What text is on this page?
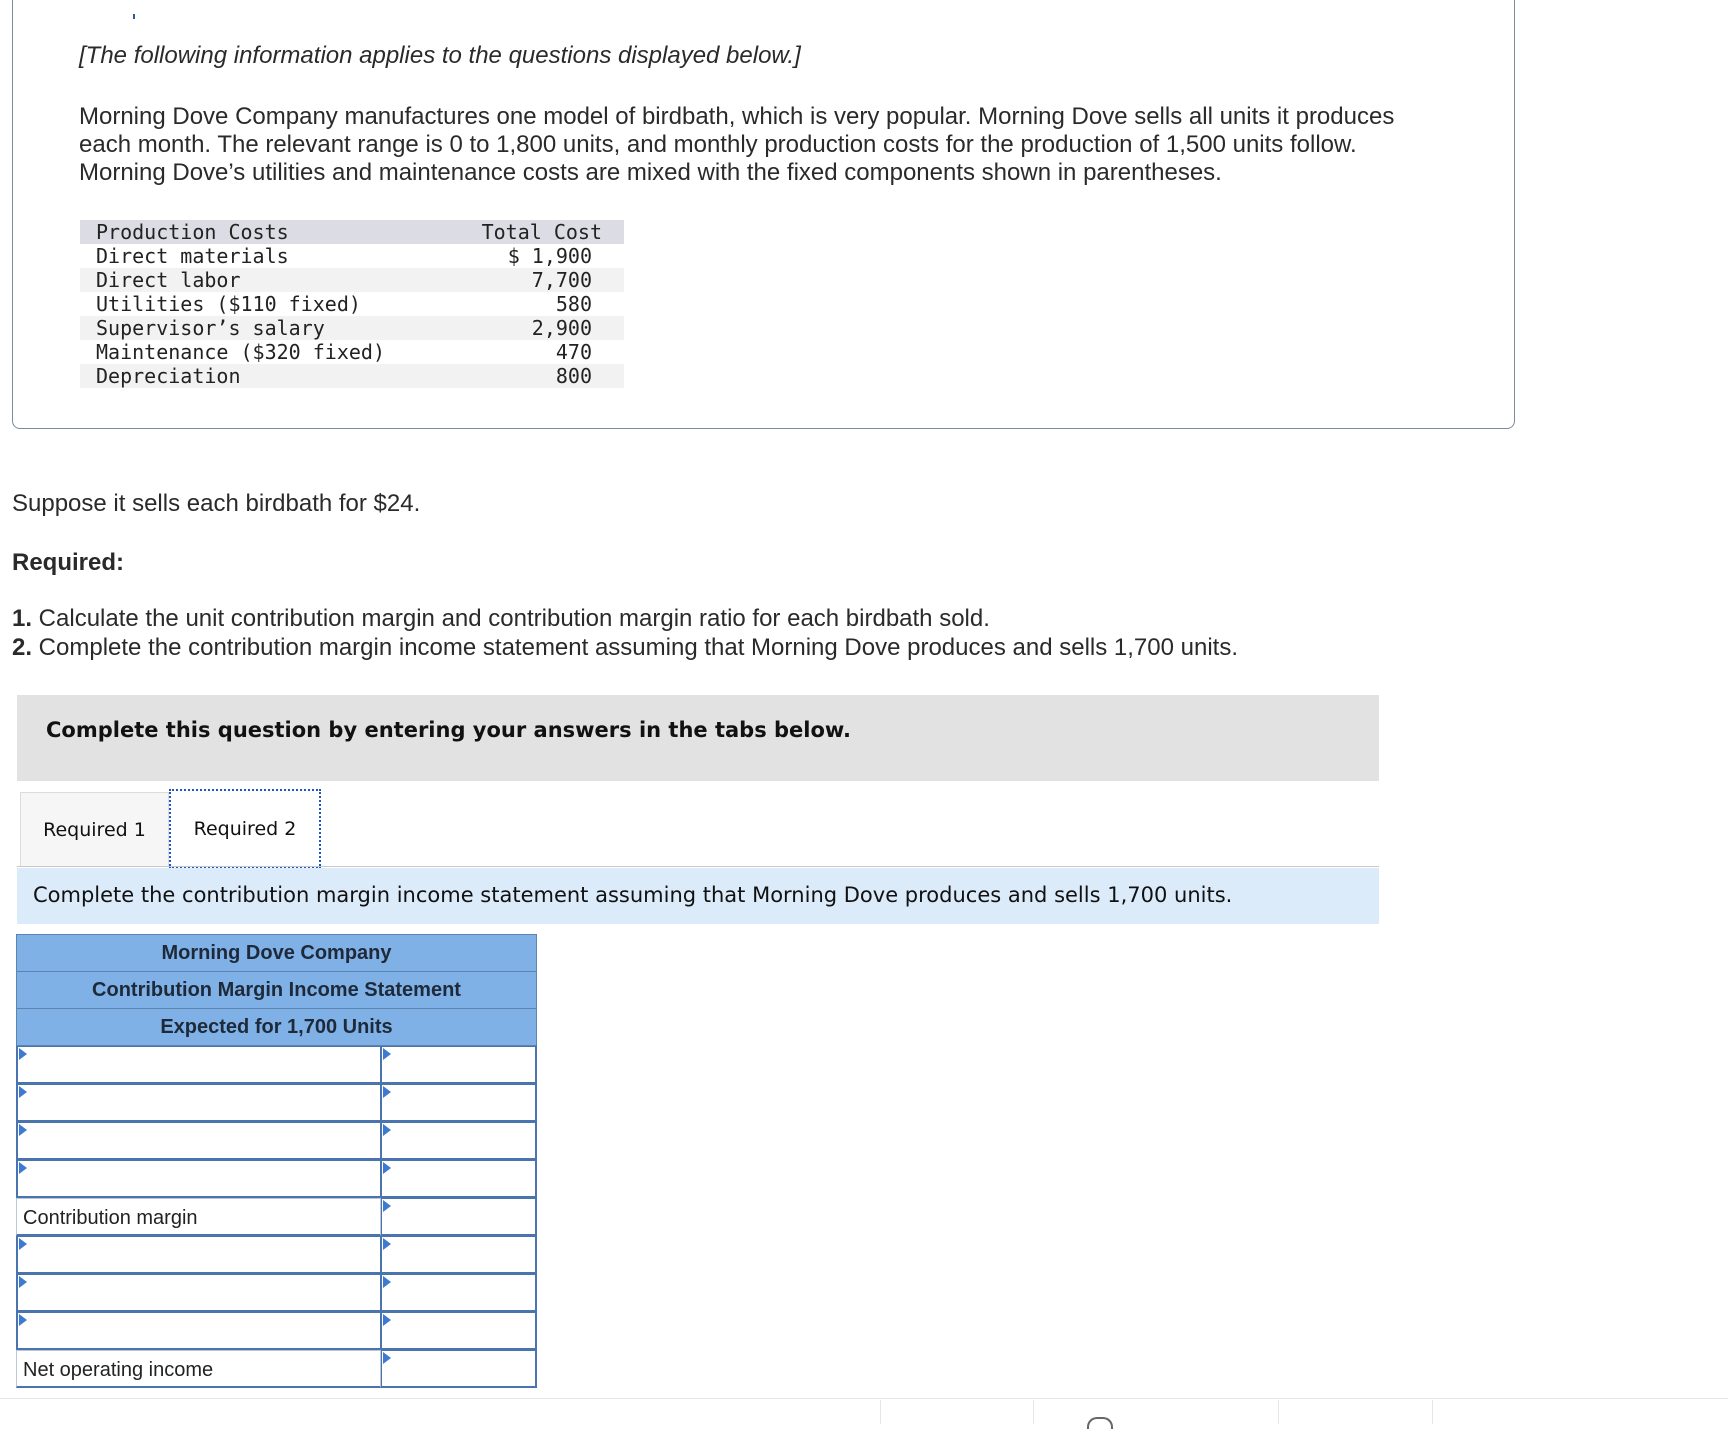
[The following information applies to the questions displayed below.]
Morning Dove Company manufactures one model of birdbath, which is very popular. Morning Dove sells all units it produces each month. The relevant range is 0 to 1,800 units, and monthly production costs for the production of 1,500 units follow. Morning Dove’s utilities and maintenance costs are mixed with the fixed components shown in parentheses.
Production Costs	Total Cost
Direct materials	$ 1,900
Direct labor	7,700
Utilities ($110 fixed)	580
Supervisor’s salary	2,900
Maintenance ($320 fixed)	470
Depreciation	800
Suppose it sells each birdbath for $24.
Required:
1. Calculate the unit contribution margin and contribution margin ratio for each birdbath sold.
2. Complete the contribution margin income statement assuming that Morning Dove produces and sells 1,700 units.
Complete this question by entering your answers in the tabs below.
Required 1	Required 2
Complete the contribution margin income statement assuming that Morning Dove produces and sells 1,700 units.
Morning Dove Company
Contribution Margin Income Statement
Expected for 1,700 Units
Contribution margin
Net operating income
